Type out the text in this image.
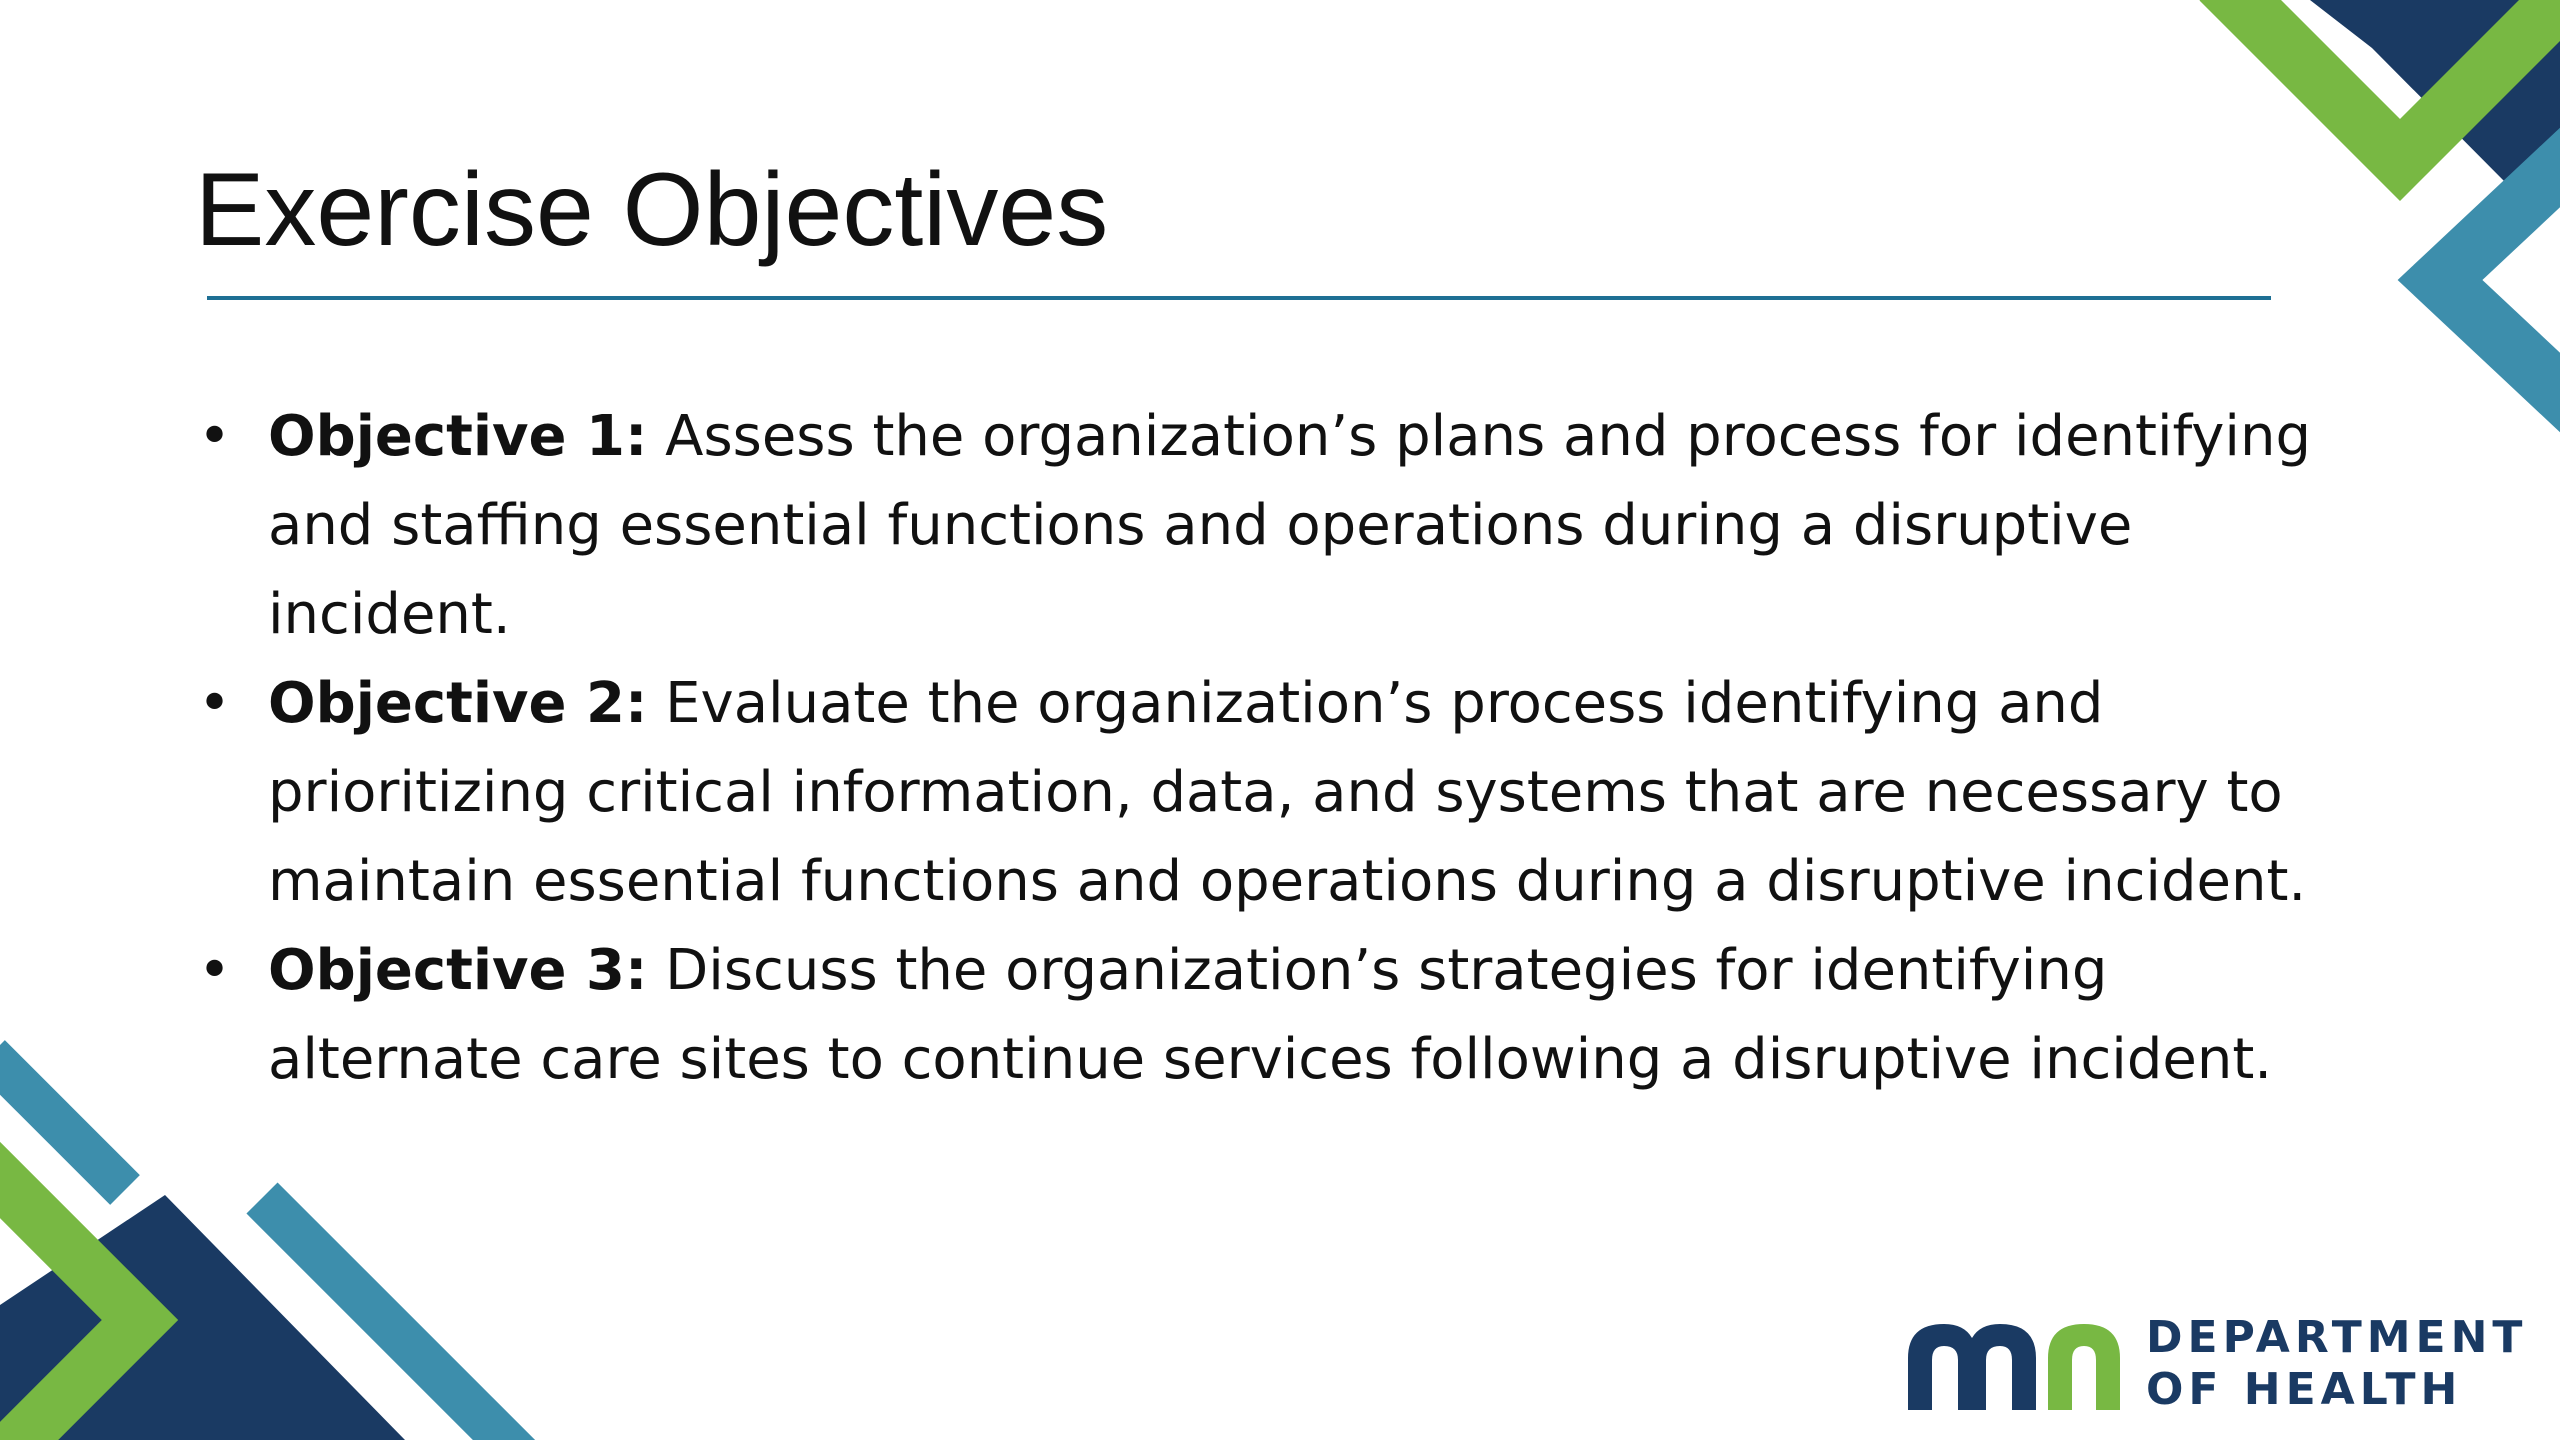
Exercise Objectives
• Objective 1: Assess the organization’s plans and process for identifying and staffing essential functions and operations during a disruptive incident.
• Objective 2: Evaluate the organization’s process identifying and prioritizing critical information, data, and systems that are necessary to maintain essential functions and operations during a disruptive incident.
• Objective 3: Discuss the organization’s strategies for identifying alternate care sites to continue services following a disruptive incident.
DEPARTMENT
OF HEALTH
